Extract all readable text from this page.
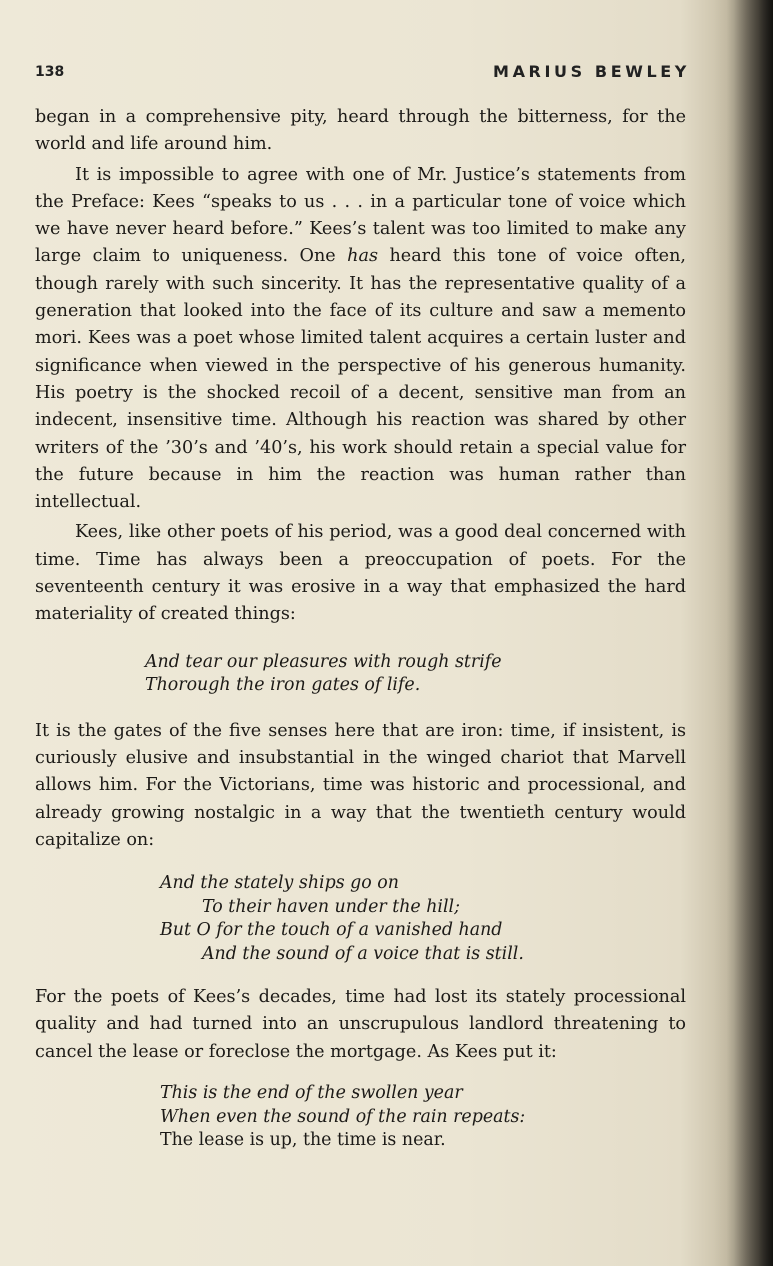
138	MARIUS BEWLEY

began in a comprehensive pity, heard through the bitterness, for the world and life around him.

It is impossible to agree with one of Mr. Justice’s statements from the Preface: Kees “speaks to us . . . in a particular tone of voice which we have never heard before.” Kees’s talent was too limited to make any large claim to uniqueness. One has heard this tone of voice often, though rarely with such sincerity. It has the representative quality of a generation that looked into the face of its culture and saw a memento mori. Kees was a poet whose limited talent acquires a certain luster and significance when viewed in the perspective of his generous humanity. His poetry is the shocked recoil of a decent, sensitive man from an indecent, insensitive time. Although his reaction was shared by other writers of the ’30’s and ’40’s, his work should retain a special value for the future because in him the reaction was human rather than intellectual.

Kees, like other poets of his period, was a good deal concerned with time. Time has always been a preoccupation of poets. For the seventeenth century it was erosive in a way that emphasized the hard materiality of created things:

And tear our pleasures with rough strife
Thorough the iron gates of life.

It is the gates of the five senses here that are iron: time, if insistent, is curiously elusive and insubstantial in the winged chariot that Marvell allows him. For the Victorians, time was historic and processional, and already growing nostalgic in a way that the twentieth century would capitalize on:

And the stately ships go on
To their haven under the hill;
But O for the touch of a vanished hand
And the sound of a voice that is still.

For the poets of Kees’s decades, time had lost its stately processional quality and had turned into an unscrupulous landlord threatening to cancel the lease or foreclose the mortgage. As Kees put it:

This is the end of the swollen year
When even the sound of the rain repeats:
The lease is up, the time is near.
